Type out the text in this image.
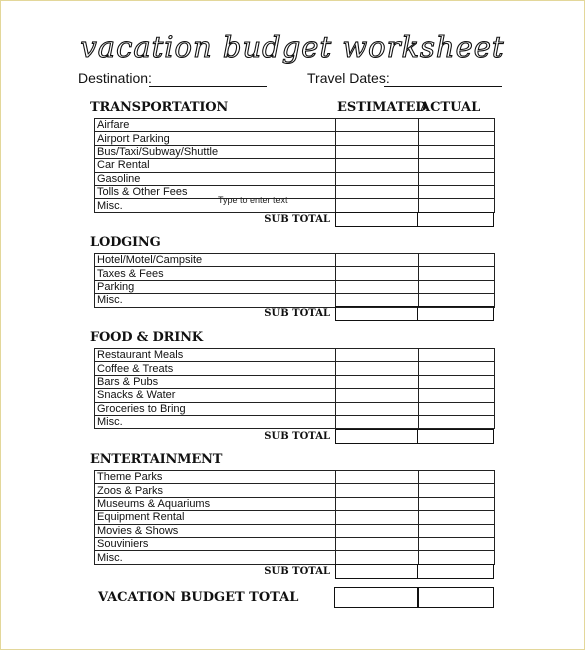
vacation budget worksheet
Destination:	Travel Dates:
ESTIMATED
ACTUAL
TRANSPORTATION
Airfare		
Airport Parking		
Bus/Taxi/Subway/Shuttle		
Car Rental		
Gasoline		
Tolls & Other Fees		
Misc.		
SUB TOTAL
Type to enter text
LODGING
Hotel/Motel/Campsite		
Taxes & Fees		
Parking		
Misc.		
SUB TOTAL
FOOD & DRINK
Restaurant Meals		
Coffee & Treats		
Bars & Pubs		
Snacks & Water		
Groceries to Bring		
Misc.		
SUB TOTAL
ENTERTAINMENT
Theme Parks		
Zoos & Parks		
Museums & Aquariums		
Equipment Rental		
Movies & Shows		
Souviniers		
Misc.		
SUB TOTAL
VACATION BUDGET TOTAL
